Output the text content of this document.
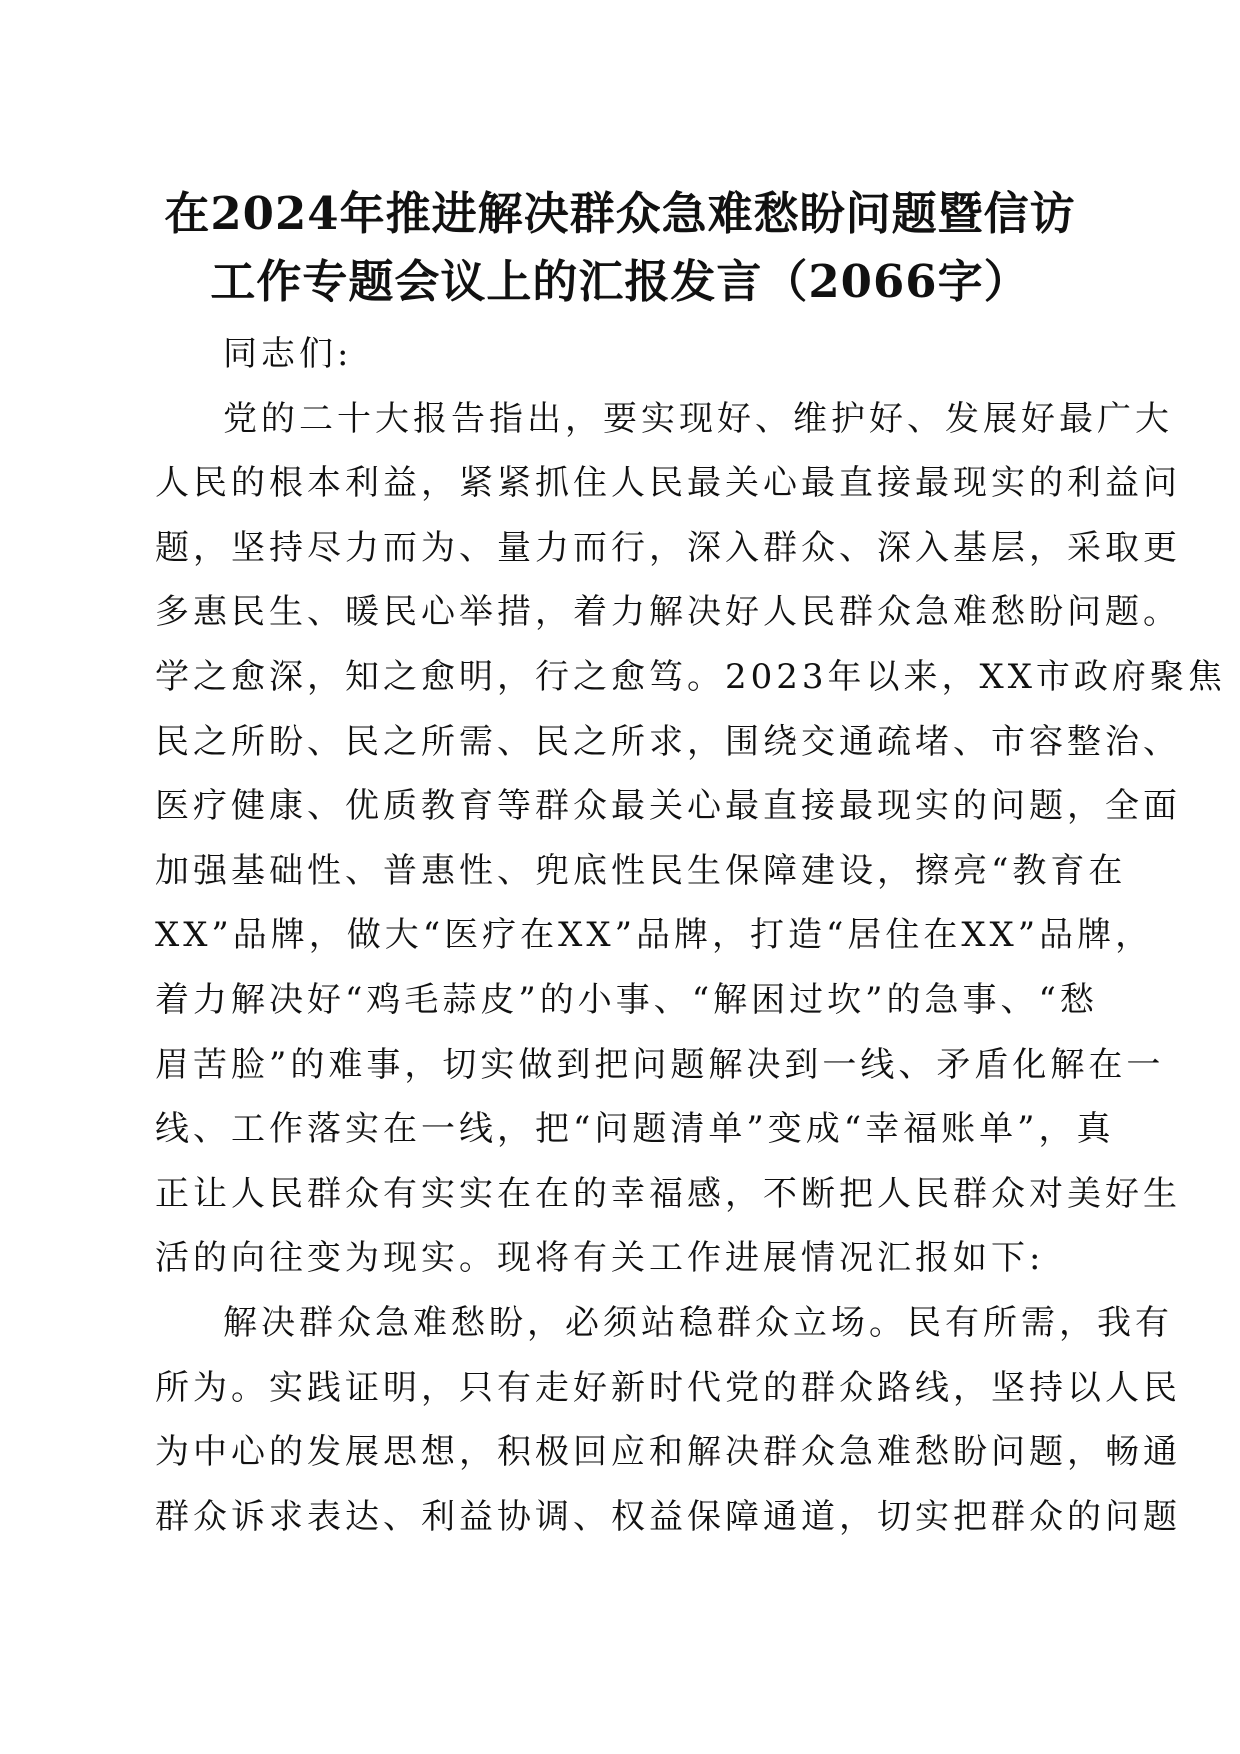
在2024年推进解决群众急难愁盼问题暨信访
工作专题会议上的汇报发言（2066字）
同志们:
党的二十大报告指出，要实现好、维护好、发展好最广大
人民的根本利益，紧紧抓住人民最关心最直接最现实的利益问
题，坚持尽力而为、量力而行，深入群众、深入基层，采取更
多惠民生、暖民心举措，着力解决好人民群众急难愁盼问题。
学之愈深，知之愈明，行之愈笃。2023年以来，XX市政府聚焦
民之所盼、民之所需、民之所求，围绕交通疏堵、市容整治、
医疗健康、优质教育等群众最关心最直接最现实的问题，全面
加强基础性、普惠性、兜底性民生保障建设，擦亮“教育在
XX”品牌，做大“医疗在XX”品牌，打造“居住在XX”品牌，
着力解决好“鸡毛蒜皮”的小事、“解困过坎”的急事、“愁
眉苦脸”的难事，切实做到把问题解决到一线、矛盾化解在一
线、工作落实在一线，把“问题清单”变成“幸福账单”，真
正让人民群众有实实在在的幸福感，不断把人民群众对美好生
活的向往变为现实。现将有关工作进展情况汇报如下:
解决群众急难愁盼，必须站稳群众立场。民有所需，我有
所为。实践证明，只有走好新时代党的群众路线，坚持以人民
为中心的发展思想，积极回应和解决群众急难愁盼问题，畅通
群众诉求表达、利益协调、权益保障通道，切实把群众的问题
